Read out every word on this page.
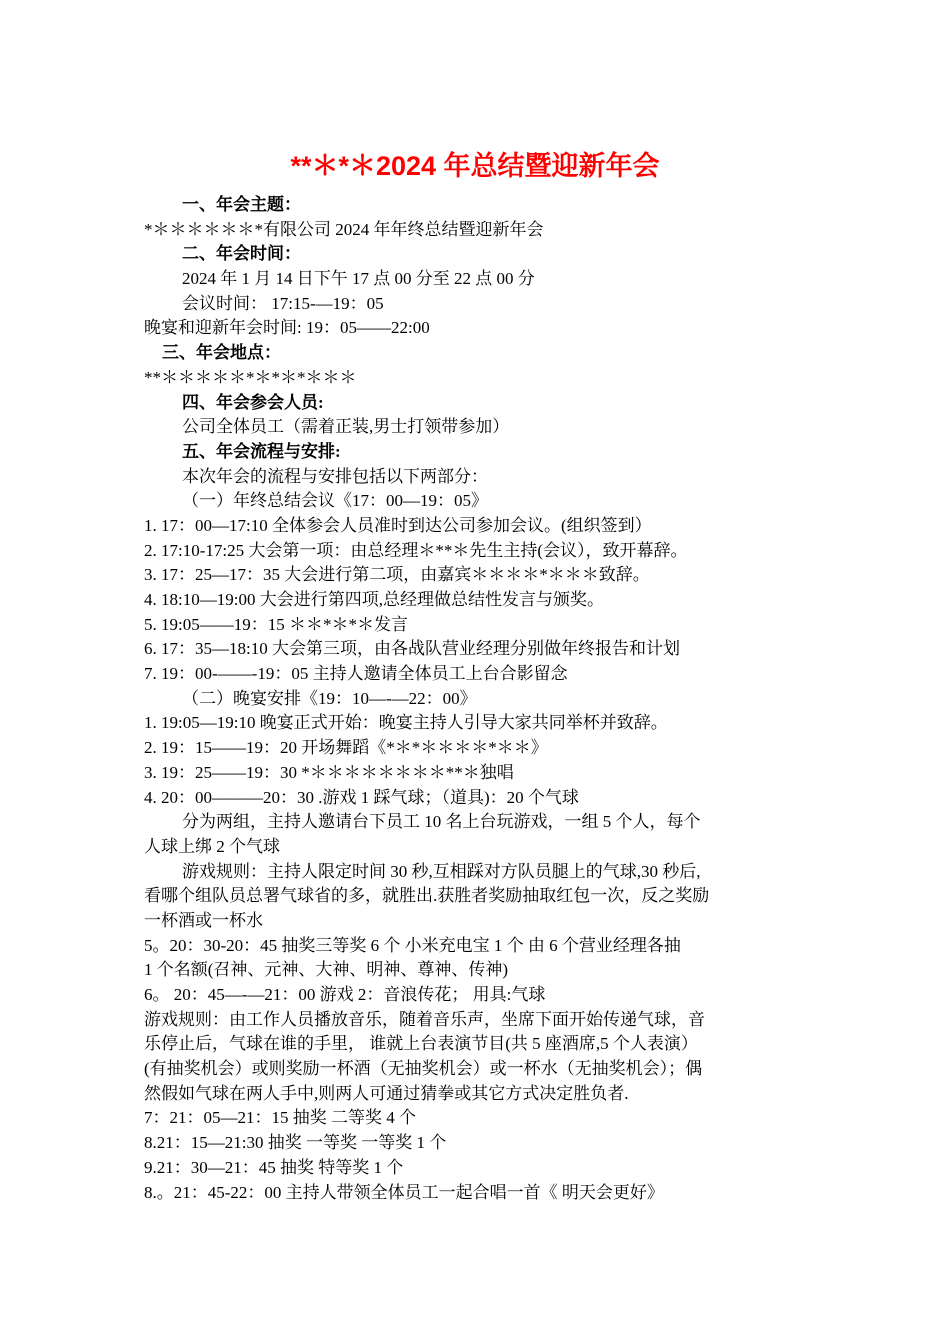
**＊*＊2024 年总结暨迎新年会

一、年会主题：

*＊＊＊＊＊＊*有限公司 2024 年年终总结暨迎新年会

二、年会时间：

2024 年 1 月 14 日下午 17 点 00 分至 22 点 00 分

会议时间： 17:15-—19：05

晚宴和迎新年会时间: 19：05——22:00

三、年会地点：

**＊＊＊＊＊*＊*＊*＊＊＊

四、年会参会人员:

公司全体员工（需着正装,男士打领带参加）

五、年会流程与安排:

本次年会的流程与安排包括以下两部分：

（一）年终总结会议《17：00—19：05》

1. 17：00—17:10 全体参会人员准时到达公司参加会议。(组织签到）

2. 17:10-17:25 大会第一项：由总经理＊**＊先生主持(会议），致开幕辞。

3. 17：25—17：35 大会进行第二项，由嘉宾＊＊＊＊*＊＊＊致辞。

4. 18:10—19:00 大会进行第四项,总经理做总结性发言与颁奖。

5. 19:05——19：15 ＊＊*＊*＊发言

6. 17：35—18:10 大会第三项，由各战队营业经理分别做年终报告和计划

7. 19：00-——-19：05 主持人邀请全体员工上台合影留念

（二）晚宴安排《19：10—-—22：00》

1. 19:05—19:10 晚宴正式开始：晚宴主持人引导大家共同举杯并致辞。

2. 19：15——19：20 开场舞蹈《*＊*＊＊＊＊*＊＊》

3. 19：25——19：30 *＊＊＊＊＊＊＊＊**＊独唱

4. 20：00———20：30 .游戏 1 踩气球；（道具)：20 个气球

分为两组，主持人邀请台下员工 10 名上台玩游戏，一组 5 个人，每个

人球上绑 2 个气球

游戏规则：主持人限定时间 30 秒,互相踩对方队员腿上的气球,30 秒后,

看哪个组队员总署气球省的多，就胜出.获胜者奖励抽取红包一次，反之奖励

一杯酒或一杯水

5。20：30-20：45 抽奖三等奖 6 个 小米充电宝 1 个 由 6 个营业经理各抽

1 个名额(召神、元神、大神、明神、尊神、传神)

6。 20：45—-—21：00 游戏 2：音浪传花； 用具:气球

游戏规则：由工作人员播放音乐，随着音乐声，坐席下面开始传递气球，音

乐停止后，气球在谁的手里， 谁就上台表演节目(共 5 座酒席,5 个人表演）

(有抽奖机会）或则奖励一杯酒（无抽奖机会）或一杯水（无抽奖机会）；偶

然假如气球在两人手中,则两人可通过猜拳或其它方式决定胜负者.

7：21：05—21：15 抽奖 二等奖 4 个

8.21：15—21:30 抽奖 一等奖 一等奖 1 个

9.21：30—21：45 抽奖 特等奖 1 个

8.。21：45-22：00 主持人带领全体员工一起合唱一首《 明天会更好》
